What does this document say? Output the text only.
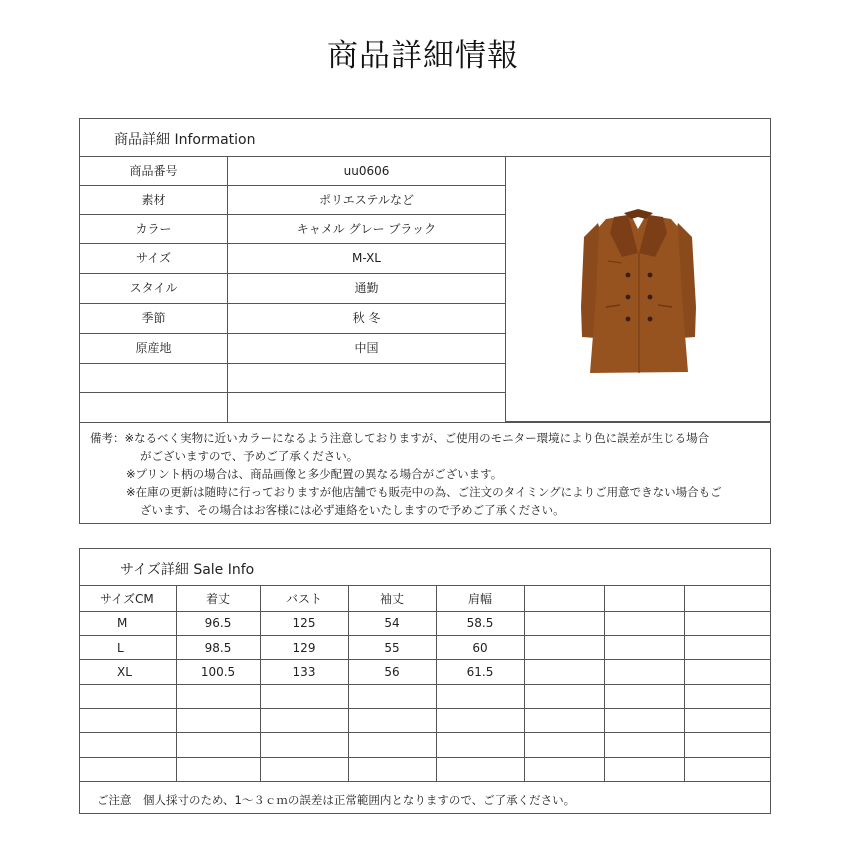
商品詳細情報
商品詳細 Information
商品番号	uu0606
素材	ポリエステルなど
カラー	キャメル グレー ブラック
サイズ	M-XL
スタイル	通勤
季節	秋 冬
原産地	中国
備考：※なるべく実物に近いカラーになるよう注意しておりますが、ご使用のモニター環境により色に誤差が生じる場合
がございますので、予めご了承ください。
※プリント柄の場合は、商品画像と多少配置の異なる場合がございます。
※在庫の更新は随時に行っておりますが他店舗でも販売中の為、ご注文のタイミングによりご用意できない場合もご
ざいます、その場合はお客様には必ず連絡をいたしますので予めご了承ください。
サイズ詳細 Sale Info
サイズCM	着丈	バスト	袖丈	肩幅			
M	96.5	125	54	58.5			
L	98.5	129	55	60			
XL	100.5	133	56	61.5			

ご注意　個人採寸のため、1～３ｃｍの誤差は正常範囲内となりますので、ご了承ください。
